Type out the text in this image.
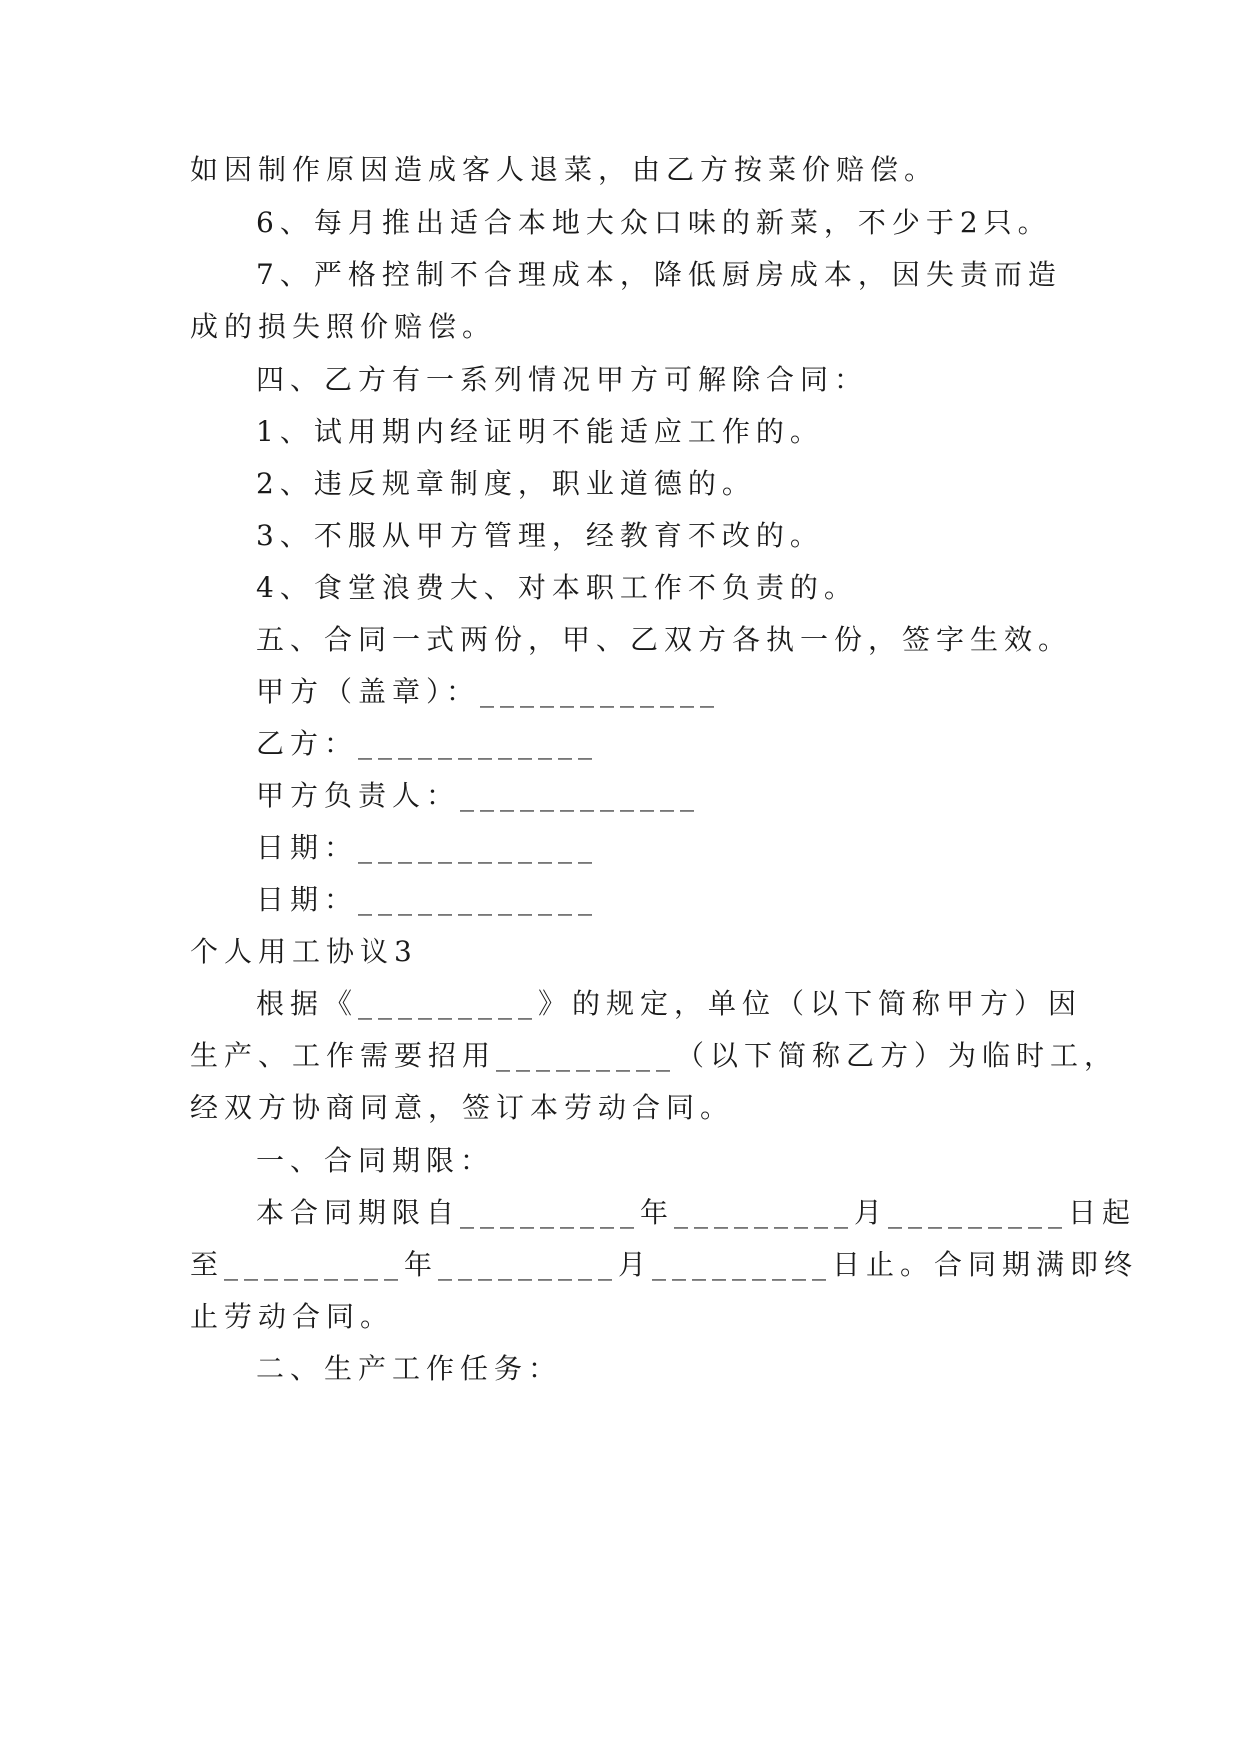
如因制作原因造成客人退菜，由乙方按菜价赔偿。
6、每月推出适合本地大众口味的新菜，不少于2只。
7、严格控制不合理成本，降低厨房成本，因失责而造
成的损失照价赔偿。
四、乙方有一系列情况甲方可解除合同：
1、试用期内经证明不能适应工作的。
2、违反规章制度，职业道德的。
3、不服从甲方管理，经教育不改的。
4、食堂浪费大、对本职工作不负责的。
五、合同一式两份，甲、乙双方各执一份，签字生效。
甲方（盖章）：____________
乙方：____________
甲方负责人：____________
日期：____________
日期：____________
个人用工协议3
根据《_________》的规定，单位（以下简称甲方）因
生产、工作需要招用_________（以下简称乙方）为临时工，
经双方协商同意，签订本劳动合同。
一、合同期限：
本合同期限自_________年_________月_________日起
至_________年_________月_________日止。合同期满即终
止劳动合同。
二、生产工作任务：
